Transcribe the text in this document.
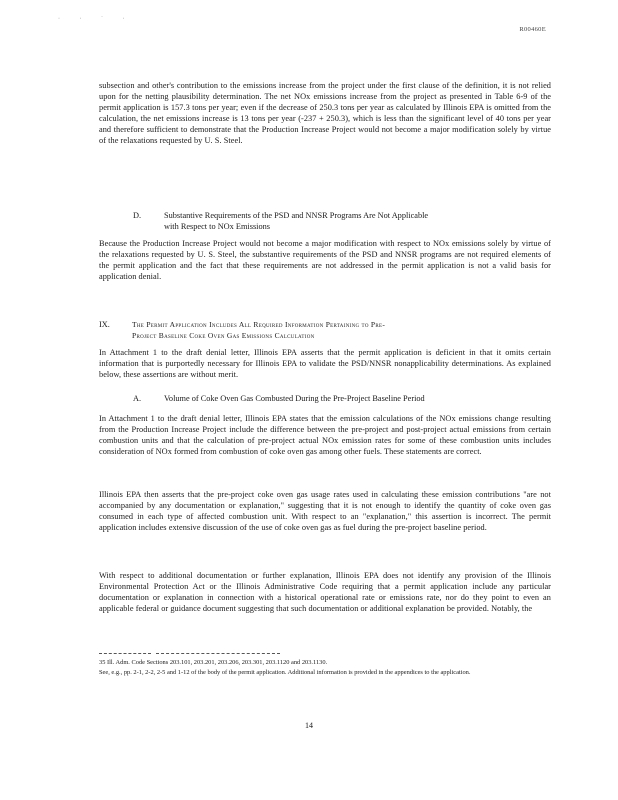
· · ˙ ·
R00460E

subsection and other's contribution to the emissions increase from the project under the first clause of the definition, it is not relied upon for the netting plausibility determination. The net NOx emissions increase from the project as presented in Table 6-9 of the permit application is 157.3 tons per year; even if the decrease of 250.3 tons per year as calculated by Illinois EPA is omitted from the calculation, the net emissions increase is 13 tons per year (-237 + 250.3), which is less than the significant level of 40 tons per year and therefore sufficient to demonstrate that the Production Increase Project would not become a major modification solely by virtue of the relaxations requested by U. S. Steel.

D.	Substantive Requirements of the PSD and NNSR Programs Are Not Applicable
with Respect to NOx Emissions

Because the Production Increase Project would not become a major modification with respect to NOx emissions solely by virtue of the relaxations requested by U. S. Steel, the substantive requirements of the PSD and NNSR programs are not required elements of the permit application and the fact that these requirements are not addressed in the permit application is not a valid basis for application denial.

IX.	The Permit Application Includes All Required Information Pertaining to Pre-
Project Baseline Coke Oven Gas Emissions Calculation

In Attachment 1 to the draft denial letter, Illinois EPA asserts that the permit application is deficient in that it omits certain information that is purportedly necessary for Illinois EPA to validate the PSD/NNSR nonapplicability determinations. As explained below, these assertions are without merit.

A.	Volume of Coke Oven Gas Combusted During the Pre-Project Baseline Period

In Attachment 1 to the draft denial letter, Illinois EPA states that the emission calculations of the NOx emissions change resulting from the Production Increase Project include the difference between the pre-project and post-project actual emissions from certain combustion units and that the calculation of pre-project actual NOx emission rates for some of these combustion units includes consideration of NOx formed from combustion of coke oven gas among other fuels. These statements are correct.

Illinois EPA then asserts that the pre-project coke oven gas usage rates used in calculating these emission contributions "are not accompanied by any documentation or explanation," suggesting that it is not enough to identify the quantity of coke oven gas consumed in each type of affected combustion unit. With respect to an "explanation," this assertion is incorrect. The permit application includes extensive discussion of the use of coke oven gas as fuel during the pre-project baseline period.

With respect to additional documentation or further explanation, Illinois EPA does not identify any provision of the Illinois Environmental Protection Act or the Illinois Administrative Code requiring that a permit application include any particular documentation or explanation in connection with a historical operational rate or emissions rate, nor do they point to even an applicable federal or guidance document suggesting that such documentation or additional explanation be provided. Notably, the

35 Ill. Adm. Code Sections 203.101, 203.201, 203.206, 203.301, 203.1120 and 203.1130.

See, e.g., pp. 2-1, 2-2, 2-5 and 1-12 of the body of the permit application. Additional information is provided in the appendices to the application.

14
